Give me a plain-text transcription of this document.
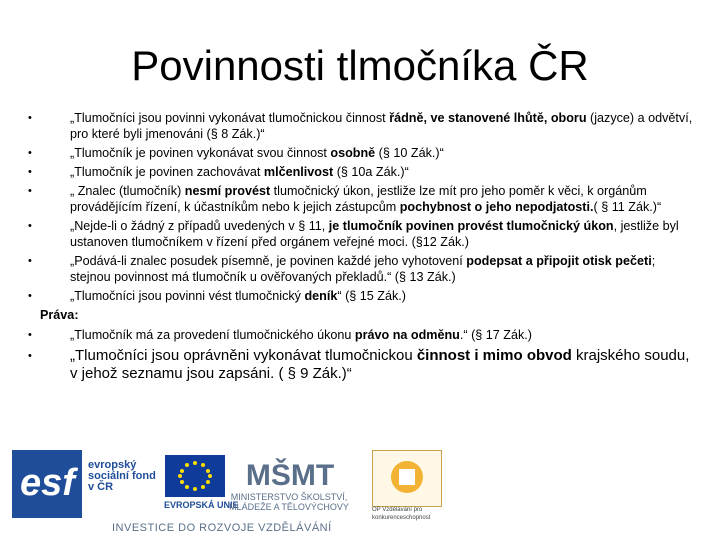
Povinnosti tlmočníka ČR
•	„Tlumočníci jsou povinni vykonávat tlumočnickou činnost řádně, ve stanovené lhůtě, oboru (jazyce) a odvětví, pro které byli jmenováni (§ 8 Zák.)“
•	„Tlumočník je povinen vykonávat svou činnost osobně (§ 10 Zák.)“
•	„Tlumočník je povinen zachovávat mlčenlivost (§ 10a Zák.)“
•	„ Znalec (tlumočník) nesmí provést tlumočnický úkon, jestliže lze mít pro jeho poměr k věci, k orgánům provádějícím řízení, k účastníkům nebo k jejich zástupcům pochybnost o jeho nepodjatosti.( § 11 Zák.)“
•	„Nejde-li o žádný z případů uvedených v § 11, je tlumočník povinen provést tlumočnický úkon, jestliže byl ustanoven tlumočníkem v řízení před orgánem veřejné moci. (§12 Zák.)
•	„Podává-li znalec posudek písemně, je povinen každé jeho vyhotovení podepsat a připojit otisk pečeti; stejnou povinnost má tlumočník u ověřovaných překladů.“ (§ 13 Zák.)
•	„Tlumočníci jsou povinni vést tlumočnický deník“ (§ 15 Zák.)
Práva:
•	„Tlumočník má za provedení tlumočnického úkonu právo na odměnu.“ (§ 17 Zák.)
•	„Tlumočníci jsou oprávněni vykonávat tlumočnickou činnost i mimo obvod krajského soudu, v jehož seznamu jsou zapsáni. ( § 9 Zák.)“
esf evropský sociální fond v ČR
EVROPSKÁ UNIE
MŠMT
MINISTERSTVO ŠKOLSTVÍ, MLÁDEŽE A TĚLOVÝCHOVY	OP Vzdělávání pro konkurenceschopnost
INVESTICE DO ROZVOJE VZDĚLÁVÁNÍ
